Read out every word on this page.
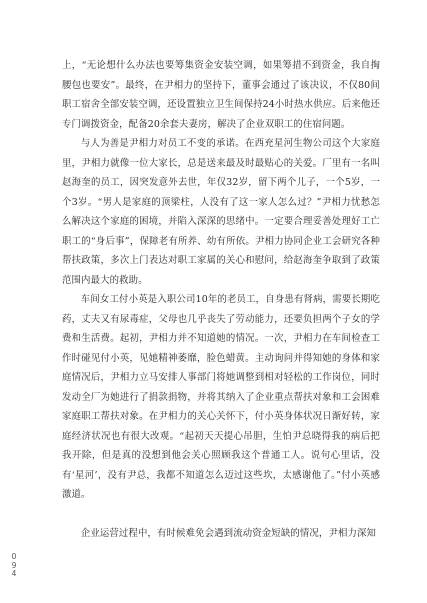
上，“无论想什么办法也要筹集资金安装空调，如果筹措不到资金，我自掏腰包也要安”。最终，在尹相力的坚持下，董事会通过了该决议，不仅80间职工宿舍全部安装空调，还设置独立卫生间保持24小时热水供应。后来他还专门调拨资金，配备20余套夫妻房，解决了企业双职工的住宿问题。

与人为善是尹相力对员工不变的承诺。在西充星河生物公司这个大家庭里，尹相力就像一位大家长，总是送来最及时最贴心的关爱。厂里有一名叫赵海奎的员工，因突发意外去世，年仅32岁，留下两个儿子，一个5岁，一个3岁。“男人是家庭的顶梁柱，人没有了这一家人怎么过？”尹相力忧愁怎么解决这个家庭的困境，并陷入深深的思绪中。一定要合理妥善处理好工亡职工的“身后事”，保障老有所养、幼有所依。尹相力协同企业工会研究各种帮扶政策，多次上门表达对职工家属的关心和慰问，给赵海奎争取到了政策范围内最大的救助。

车间女工付小英是入职公司10年的老员工，自身患有肾病，需要长期吃药，丈夫又有尿毒症，父母也几乎丧失了劳动能力，还要负担两个子女的学费和生活费。起初，尹相力并不知道她的情况。一次，尹相力在车间检查工作时碰见付小英，见她精神萎靡，脸色蜡黄。主动询问并得知她的身体和家庭情况后，尹相力立马安排人事部门将她调整到相对轻松的工作岗位，同时发动全厂为她进行了捐款捐物，并将其纳入了企业重点帮扶对象和工会困难家庭职工帮扶对象。在尹相力的关心关怀下，付小英身体状况日渐好转，家庭经济状况也有很大改观。“起初天天提心吊胆，生怕尹总晓得我的病后把我开除，但是真的没想到他会关心照顾我这个普通工人。说句心里话，没有‘星河’，没有尹总，我都不知道怎么迈过这些坎，太感谢他了。”付小英感激道。

企业运营过程中，有时候难免会遇到流动资金短缺的情况，尹相力深知

0
9
4
